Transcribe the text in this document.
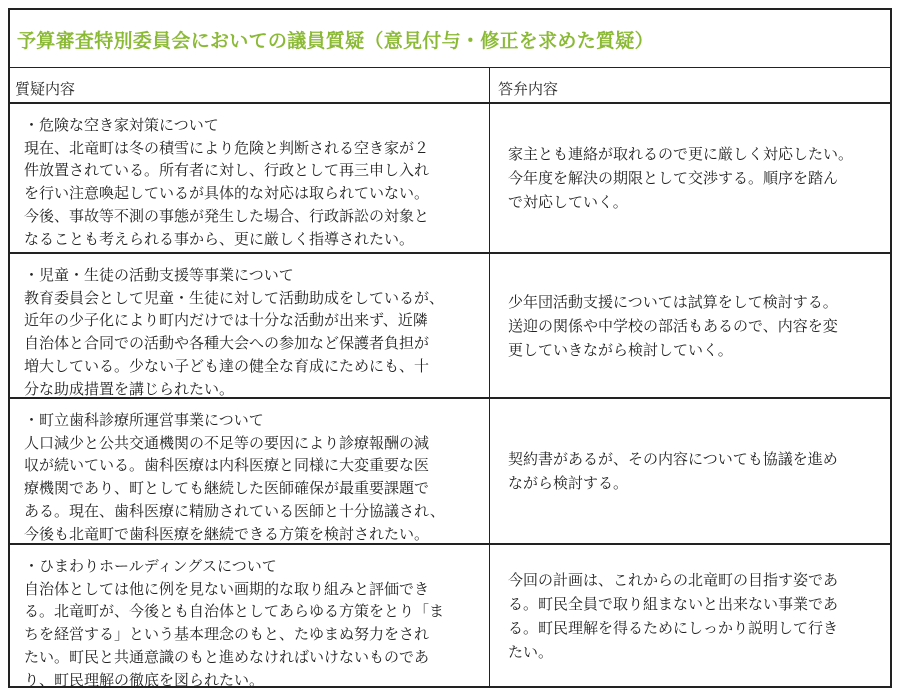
予算審査特別委員会においての議員質疑（意見付与・修正を求めた質疑）
質疑内容	答弁内容
・危険な空き家対策について
現在、北竜町は冬の積雪により危険と判断される空き家が２
件放置されている。所有者に対し、行政として再三申し入れ
を行い注意喚起しているが具体的な対応は取られていない。
今後、事故等不測の事態が発生した場合、行政訴訟の対象と
なることも考えられる事から、更に厳しく指導されたい。
家主とも連絡が取れるので更に厳しく対応したい。
今年度を解決の期限として交渉する。順序を踏ん
で対応していく。
・児童・生徒の活動支援等事業について
教育委員会として児童・生徒に対して活動助成をしているが、
近年の少子化により町内だけでは十分な活動が出来ず、近隣
自治体と合同での活動や各種大会への参加など保護者負担が
増大している。少ない子ども達の健全な育成にためにも、十
分な助成措置を講じられたい。
少年団活動支援については試算をして検討する。
送迎の関係や中学校の部活もあるので、内容を変
更していきながら検討していく。
・町立歯科診療所運営事業について
人口減少と公共交通機関の不足等の要因により診療報酬の減
収が続いている。歯科医療は内科医療と同様に大変重要な医
療機関であり、町としても継続した医師確保が最重要課題で
ある。現在、歯科医療に精励されている医師と十分協議され、
今後も北竜町で歯科医療を継続できる方策を検討されたい。
契約書があるが、その内容についても協議を進め
ながら検討する。
・ひまわりホールディングスについて
自治体としては他に例を見ない画期的な取り組みと評価でき
る。北竜町が、今後とも自治体としてあらゆる方策をとり「ま
ちを経営する」という基本理念のもと、たゆまぬ努力をされ
たい。町民と共通意識のもと進めなければいけないものであ
り、町民理解の徹底を図られたい。
今回の計画は、これからの北竜町の目指す姿であ
る。町民全員で取り組まないと出来ない事業であ
る。町民理解を得るためにしっかり説明して行き
たい。
